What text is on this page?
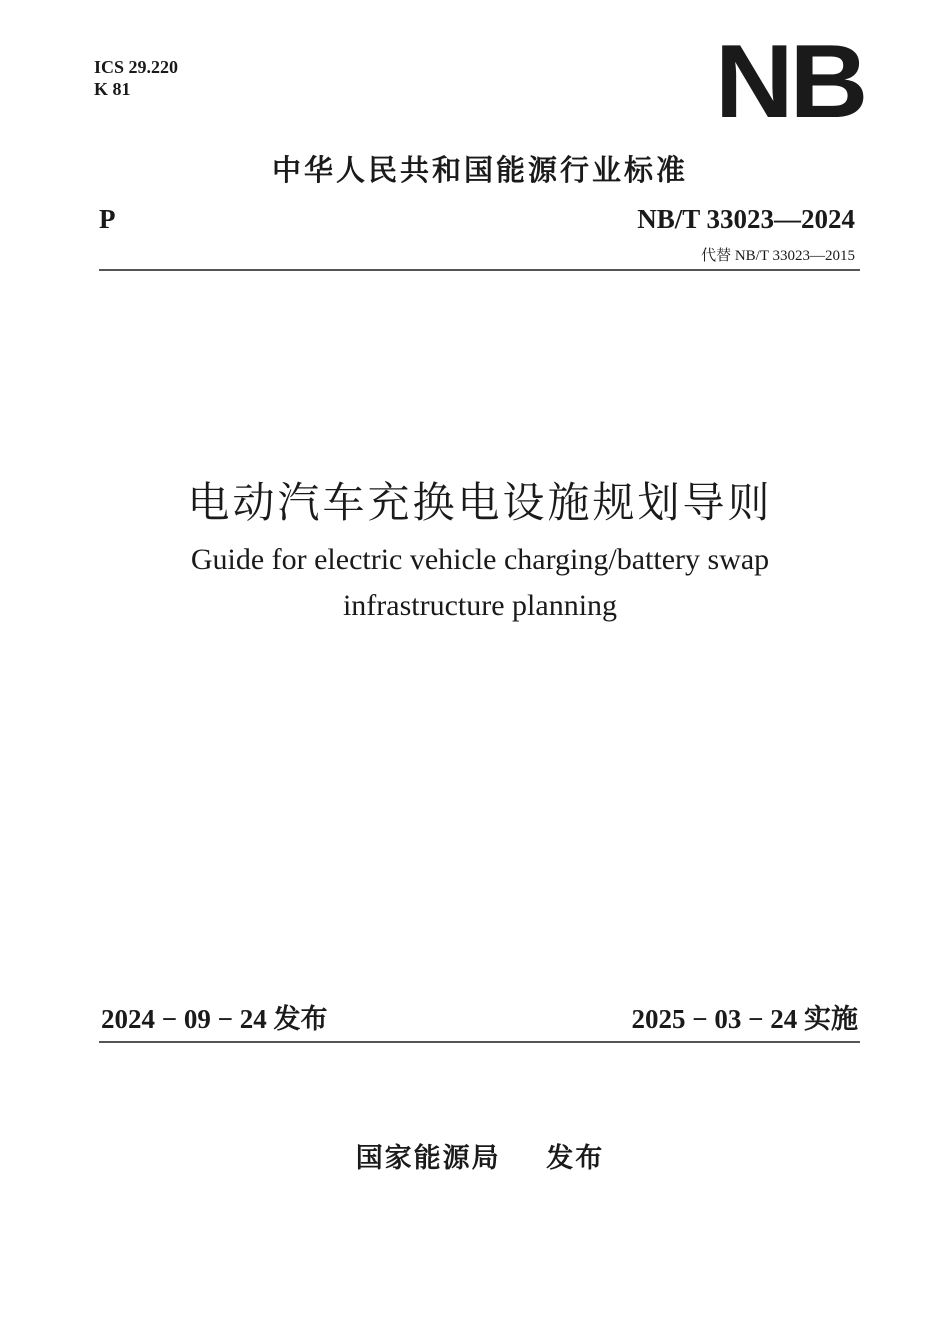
ICS 29.220
K 81	NB
中华人民共和国能源行业标准
P	NB/T 33023—2024
代替 NB/T 33023—2015
电动汽车充换电设施规划导则
Guide for electric vehicle charging/battery swap
infrastructure planning
2024 − 09 − 24 发布	2025 − 03 − 24 实施
国家能源局    发布
